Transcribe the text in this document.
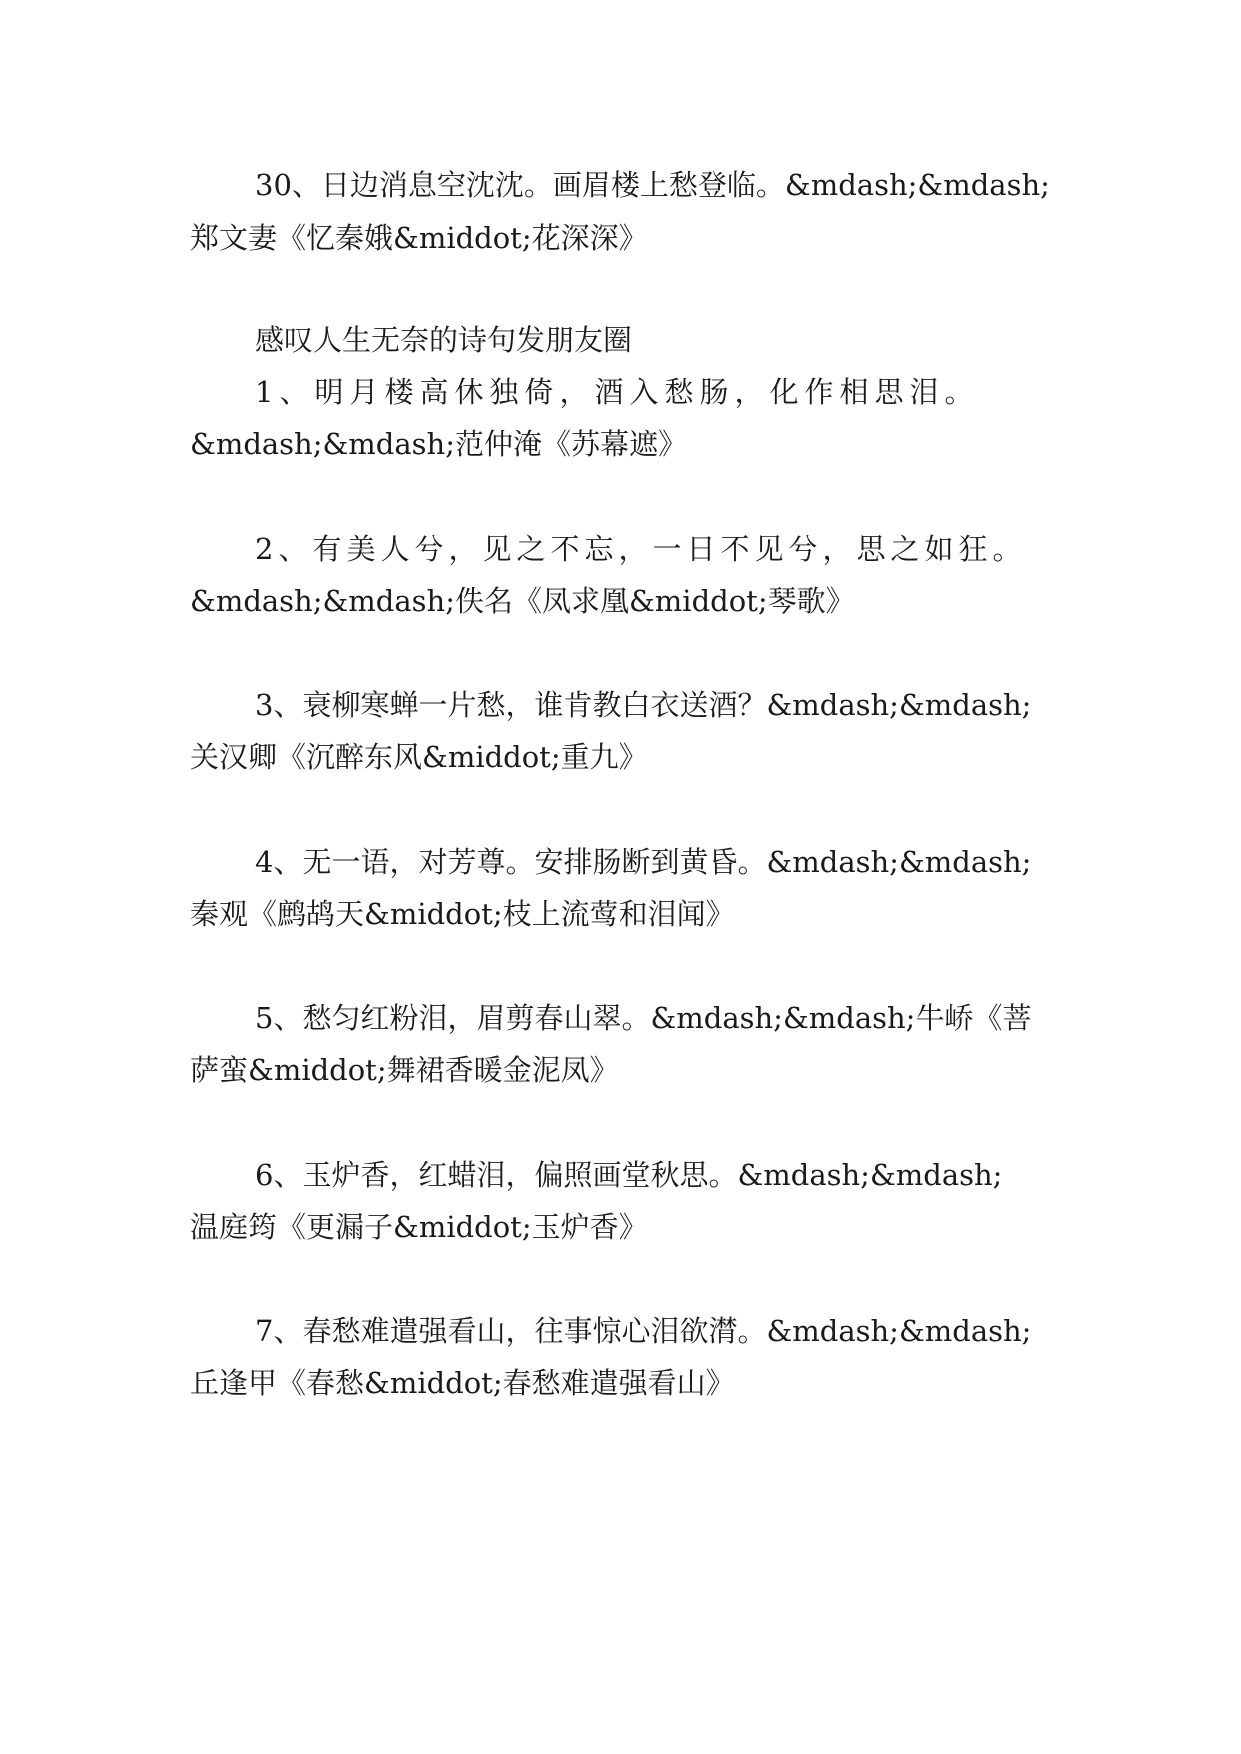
30、日边消息空沈沈。画眉楼上愁登临。&mdash;&mdash;
郑文妻《忆秦娥&middot;花深深》
感叹人生无奈的诗句发朋友圈
1、明月楼高休独倚，酒入愁肠，化作相思泪。
&mdash;&mdash;范仲淹《苏幕遮》
2、有美人兮，见之不忘，一日不见兮，思之如狂。
&mdash;&mdash;佚名《凤求凰&middot;琴歌》
3、衰柳寒蝉一片愁，谁肯教白衣送酒？&mdash;&mdash;
关汉卿《沉醉东风&middot;重九》
4、无一语，对芳尊。安排肠断到黄昏。&mdash;&mdash;
秦观《鹧鸪天&middot;枝上流莺和泪闻》
5、愁匀红粉泪，眉剪春山翠。&mdash;&mdash;牛峤《菩
萨蛮&middot;舞裙香暖金泥凤》
6、玉炉香，红蜡泪，偏照画堂秋思。&mdash;&mdash;
温庭筠《更漏子&middot;玉炉香》
7、春愁难遣强看山，往事惊心泪欲潸。&mdash;&mdash;
丘逢甲《春愁&middot;春愁难遣强看山》
